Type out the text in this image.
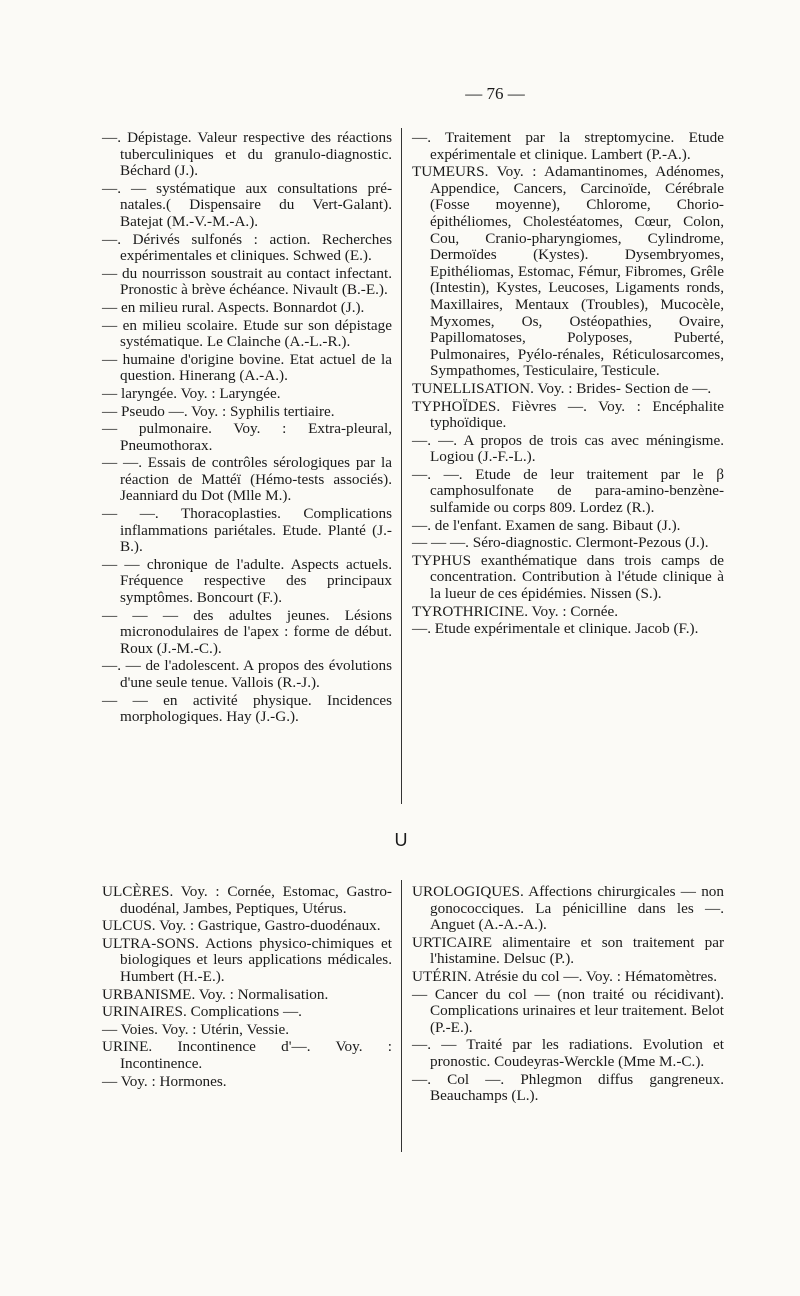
— 76 —

—. Dépistage. Valeur respective des réactions tuberculiniques et du granulo-diagnostic. Béchard (J.).

—. — systématique aux consultations pré-natales.( Dispensaire du Vert-Galant). Batejat (M.-V.-M.-A.).

—. Dérivés sulfonés : action. Recherches expérimentales et cliniques. Schwed (E.).

— du nourrisson soustrait au contact infectant. Pronostic à brève échéance. Nivault (B.-E.).

— en milieu rural. Aspects. Bonnardot (J.).

— en milieu scolaire. Etude sur son dépistage systématique. Le Clainche (A.-L.-R.).

— humaine d'origine bovine. Etat actuel de la question. Hinerang (A.-A.).

— laryngée. Voy. : Laryngée.

— Pseudo —. Voy. : Syphilis tertiaire.

— pulmonaire. Voy. : Extra-pleural, Pneumothorax.

— —. Essais de contrôles sérologiques par la réaction de Mattéï (Hémo-tests associés). Jeanniard du Dot (Mlle M.).

— —. Thoracoplasties. Complications inflammations pariétales. Etude. Planté (J.-B.).

— — chronique de l'adulte. Aspects actuels. Fréquence respective des principaux symptômes. Boncourt (F.).

— — — des adultes jeunes. Lésions micronodulaires de l'apex : forme de début. Roux (J.-M.-C.).

—. — de l'adolescent. A propos des évolutions d'une seule tenue. Vallois (R.-J.).

— — en activité physique. Incidences morphologiques. Hay (J.-G.).

—. Traitement par la streptomycine. Etude expérimentale et clinique. Lambert (P.-A.).

TUMEURS. Voy. : Adamantinomes, Adénomes, Appendice, Cancers, Carcinoïde, Cérébrale (Fosse moyenne), Chlorome, Chorio-épithéliomes, Cholestéatomes, Cœur, Colon, Cou, Cranio-pharyngiomes, Cylindrome, Dermoïdes (Kystes). Dysembryomes, Epithéliomas, Estomac, Fémur, Fibromes, Grêle (Intestin), Kystes, Leucoses, Ligaments ronds, Maxillaires, Mentaux (Troubles), Mucocèle, Myxomes, Os, Ostéopathies, Ovaire, Papillomatoses, Polyposes, Puberté, Pulmonaires, Pyélo-rénales, Réticulosarcomes, Sympathomes, Testiculaire, Testicule.

TUNELLISATION. Voy. : Brides- Section de —.

TYPHOÏDES. Fièvres —. Voy. : Encéphalite typhoïdique.

—. —. A propos de trois cas avec méningisme. Logiou (J.-F.-L.).

—. —. Etude de leur traitement par le β camphosulfonate de para-amino-benzène-sulfamide ou corps 809. Lordez (R.).

—. de l'enfant. Examen de sang. Bibaut (J.).

— — —. Séro-diagnostic. Clermont-Pezous (J.).

TYPHUS exanthématique dans trois camps de concentration. Contribution à l'étude clinique à la lueur de ces épidémies. Nissen (S.).

TYROTHRICINE. Voy. : Cornée.

—. Etude expérimentale et clinique. Jacob (F.).

U

ULCÈRES. Voy. : Cornée, Estomac, Gastro-duodénal, Jambes, Peptiques, Utérus.

ULCUS. Voy. : Gastrique, Gastro-duodénaux.

ULTRA-SONS. Actions physico-chimiques et biologiques et leurs applications médicales. Humbert (H.-E.).

URBANISME. Voy. : Normalisation.

URINAIRES. Complications —.

— Voies. Voy. : Utérin, Vessie.

URINE. Incontinence d'—. Voy. : Incontinence.

— Voy. : Hormones.

UROLOGIQUES. Affections chirurgicales — non gonococciques. La pénicilline dans les —. Anguet (A.-A.-A.).

URTICAIRE alimentaire et son traitement par l'histamine. Delsuc (P.).

UTÉRIN. Atrésie du col —. Voy. : Hématomètres.

— Cancer du col — (non traité ou récidivant). Complications urinaires et leur traitement. Belot (P.-E.).

—. — Traité par les radiations. Evolution et pronostic. Coudeyras-Werckle (Mme M.-C.).

—. Col —. Phlegmon diffus gangreneux. Beauchamps (L.).
